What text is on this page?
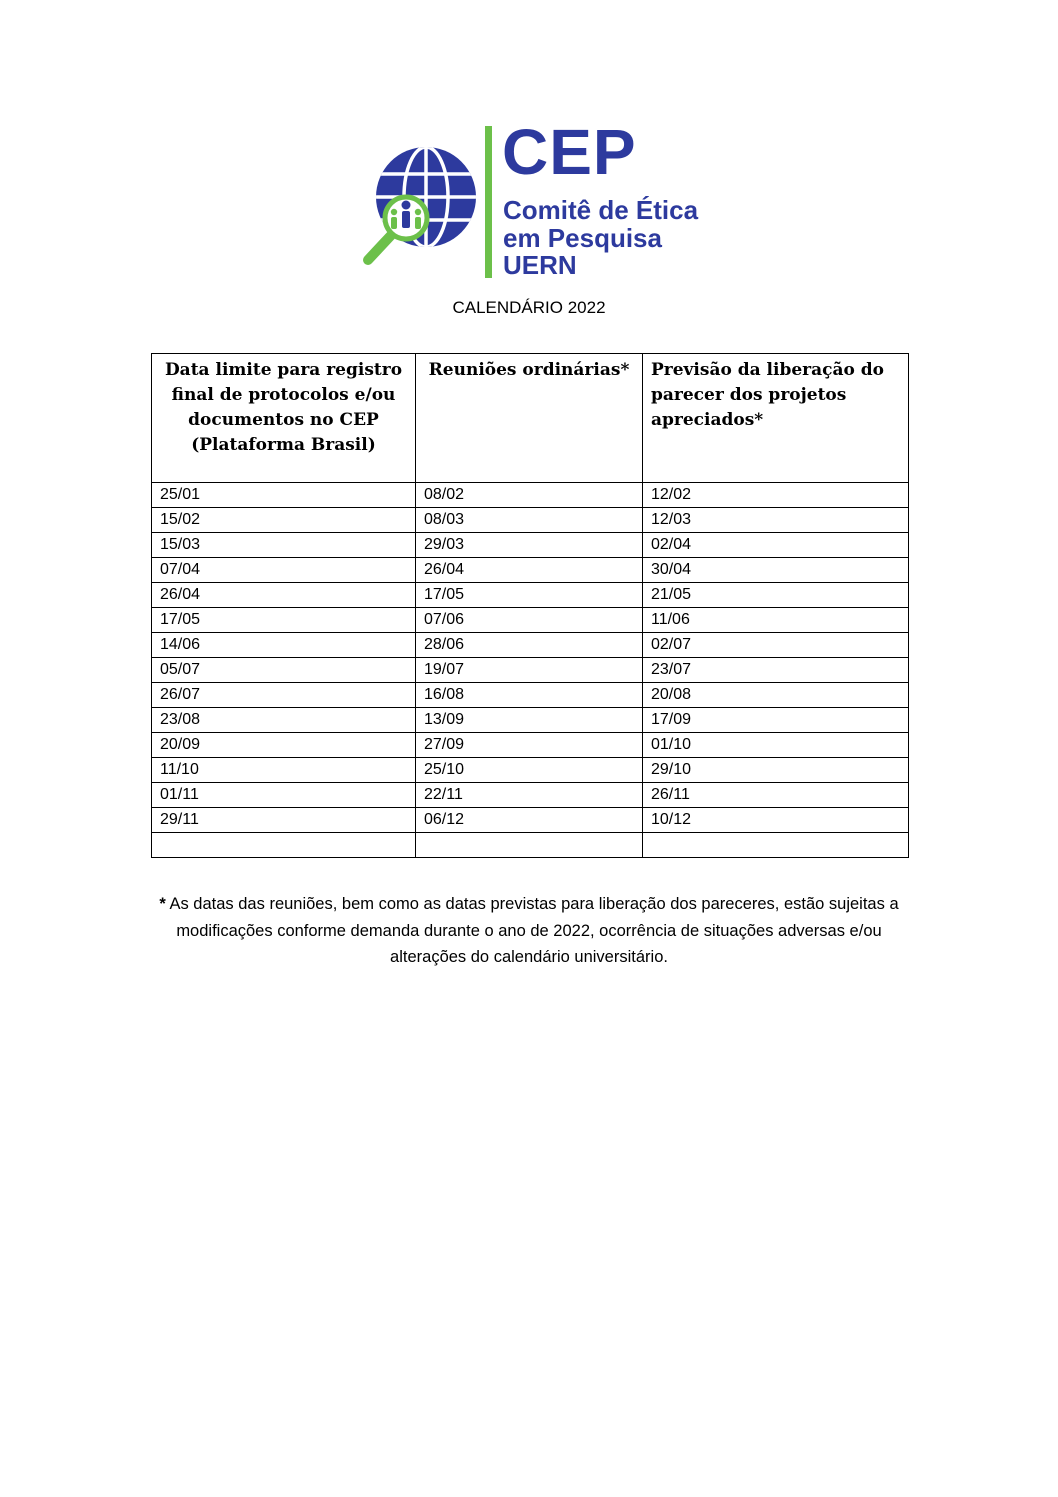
CEP
Comitê de Ética
em Pesquisa
UERN
CALENDÁRIO 2022
Data limite para registro final de protocolos e/ou documentos no CEP (Plataforma Brasil)	Reuniões ordinárias*	Previsão da liberação do parecer dos projetos apreciados*
25/01	08/02	12/02
15/02	08/03	12/03
15/03	29/03	02/04
07/04	26/04	30/04
26/04	17/05	21/05
17/05	07/06	11/06
14/06	28/06	02/07
05/07	19/07	23/07
26/07	16/08	20/08
23/08	13/09	17/09
20/09	27/09	01/10
11/10	25/10	29/10
01/11	22/11	26/11
29/11	06/12	10/12

* As datas das reuniões, bem como as datas previstas para liberação dos pareceres, estão sujeitas a modificações conforme demanda durante o ano de 2022, ocorrência de situações adversas e/ou alterações do calendário universitário.
